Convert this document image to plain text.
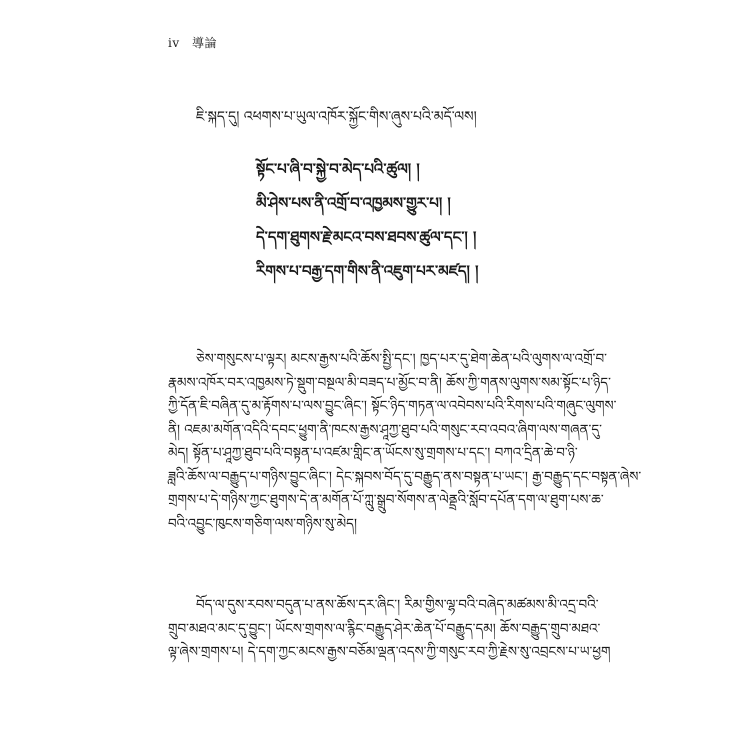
iv 導論
ཇི་སྐད་དུ། འཕགས་པ་ཡུལ་འཁོར་སྐྱོང་གིས་ཞུས་པའི་མདོ་ལས།
སྟོང་པ་ཞི་བ་སྐྱེ་བ་མེད་པའི་ཚུལ། །
མི་ཤེས་པས་ནི་འགྲོ་བ་འཁྱམས་གྱུར་པ། །
དེ་དག་ཐུགས་རྗེ་མངའ་བས་ཐབས་ཚུལ་དང་། །
རིགས་པ་བརྒྱ་དག་གིས་ནི་འཇུག་པར་མཛད། །
ཅེས་གསུངས་པ་ལྟར། མངས་རྒྱས་པའི་ཆོས་སྤྱི་དང་། ཁྱད་པར་དུ་ཐེག་ཆེན་པའི་ལུགས་ལ་འགྲོ་བ་
རྣམས་འཁོར་བར་འཁྱམས་ཏེ་སྡུག་བསྔལ་མི་བཟད་པ་མྱོང་བ་ནི། ཆོས་ཀྱི་གནས་ལུགས་སམ་སྟོང་པ་ཉིད་
ཀྱི་དོན་ཇི་བཞིན་དུ་མ་རྟོགས་པ་ལས་བྱུང་ཞིང་། སྟོང་ཉིད་གཏན་ལ་འབེབས་པའི་རིགས་པའི་གཞུང་ལུགས་
ནི། འཇམ་མགོན་འདིའི་དབང་ཕྱུག་ནི་ཁངས་རྒྱས་ཤཱཀྱ་ཐུབ་པའི་གསུང་རབ་འབའ་ཞིག་ལས་གཞན་དུ་
མེད། སྟོན་པ་ཤཱཀྱ་ཐུབ་པའི་བསྟན་པ་འཛམ་གླིང་ན་ཡོངས་སུ་གྲགས་པ་དང་། བཀའ་དྲིན་ཆེ་བ་ཉི་
ཟླའི་ཆོས་ལ་བརྒྱུད་པ་གཉིས་བྱུང་ཞིང་། དེང་སྐབས་བོད་དུ་བརྒྱུད་ནས་བསྟན་པ་ཡང་། རྒྱ་བརྒྱུད་དང་བསྟན་ཞེས་
གྲགས་པ་དེ་གཉིས་ཀྱང་ཐུགས་དེ་ན་མགོན་པོ་ཀླུ་སྒྲུབ་སོགས་ན་ལེནྡྲའི་སློབ་དཔོན་དག་ལ་ཐུག་པས་ཆ་
བའི་འབྱུང་ཁུངས་གཅིག་ལས་གཉིས་སུ་མེད།
བོད་ལ་དུས་རབས་བདུན་པ་ནས་ཆོས་དར་ཞིང་། རིམ་གྱིས་ལྷ་བའི་བཞེད་མཚམས་མི་འདྲ་བའི་
གྲུབ་མཐའ་མང་དུ་བྱུང་། ཡོངས་གྲགས་ལ་རྙིང་བརྒྱུད་ཤེར་ཆེན་པོ་བརྒྱུད་དམ། ཆོས་བརྒྱུད་གྲུབ་མཐའ་
ལྟ་ཞེས་གྲགས་པ། དེ་དག་ཀྱང་མངས་རྒྱས་བཅོམ་ལྡན་འདས་ཀྱི་གསུང་རབ་ཀྱི་རྗེས་སུ་འབྲངས་པ་ཡ་ཕྱག
